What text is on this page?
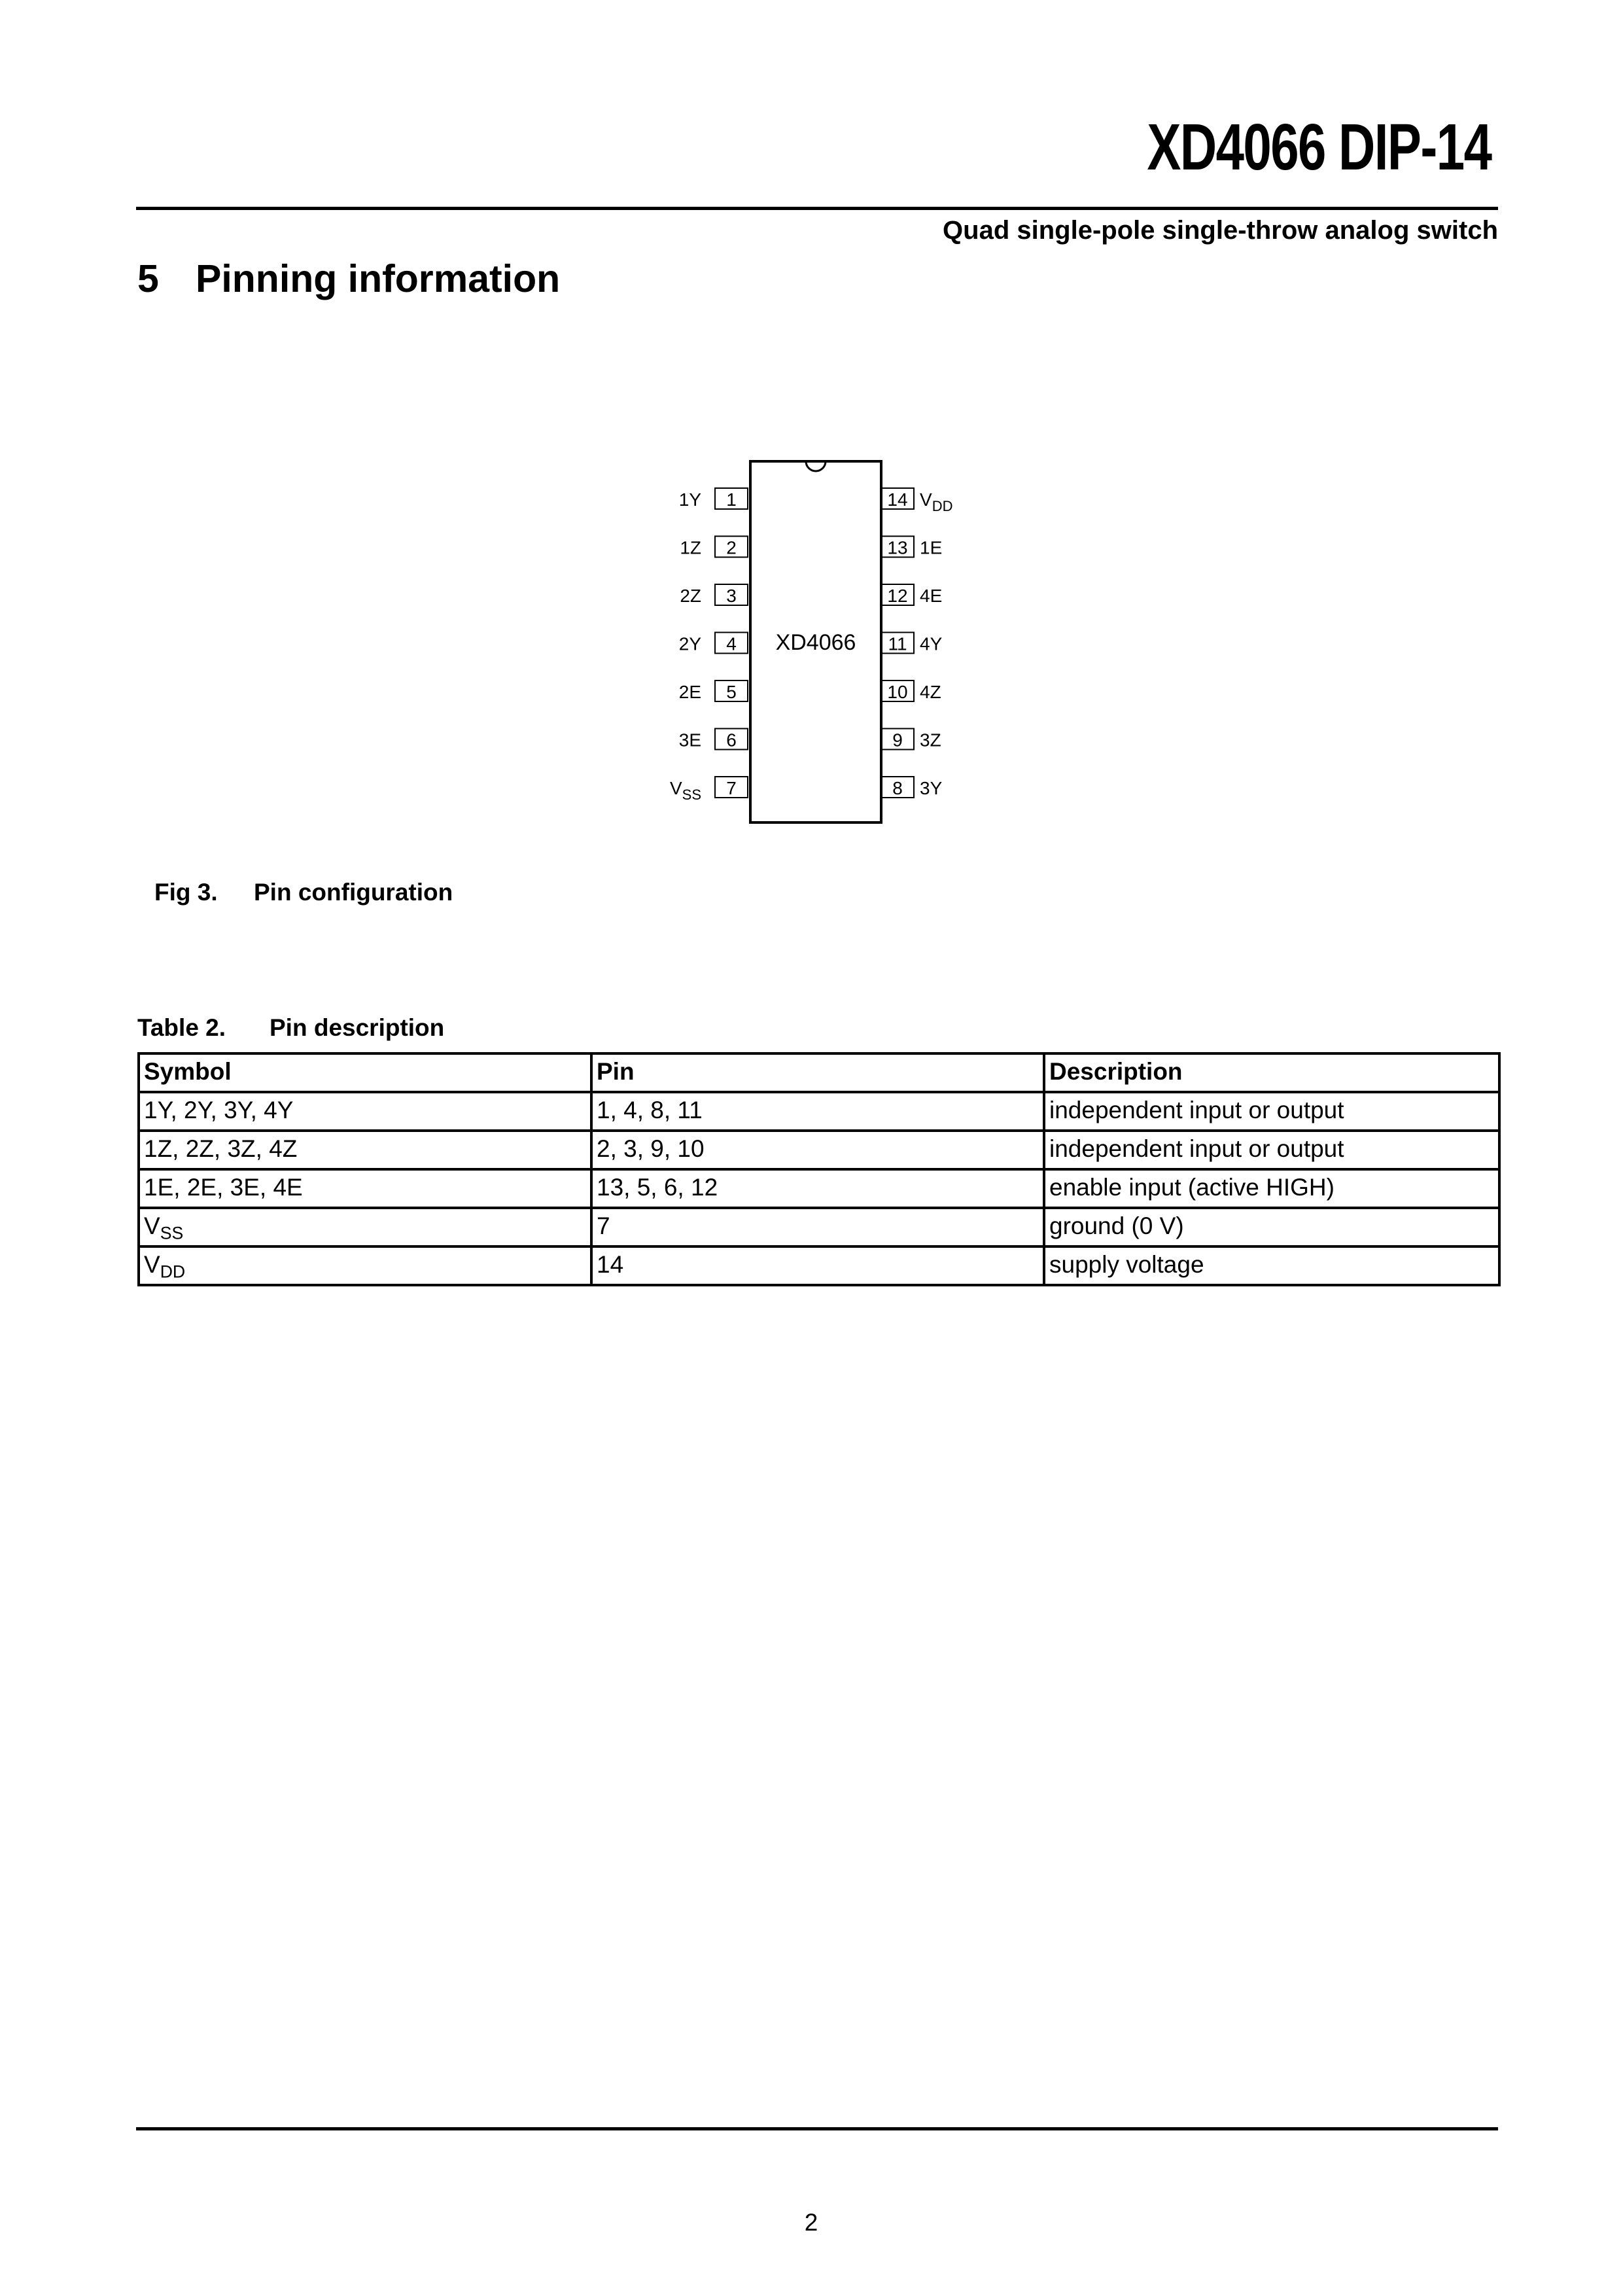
XD4066 DIP-14
Quad single-pole single-throw analog switch
5 Pinning information
XD4066
1
1Y
2
1Z
3
2Z
4
2Y
5
2E
6
3E
7
$V_{SS}$
14 $V_{DD}$
13 1E
12 4E
11 4Y
10 4Z
9 3Z
8 3Y
Fig 3. Pin configuration
Table 2. Pin description
Symbol	Pin	Description
1Y, 2Y, 3Y, 4Y	1, 4, 8, 11	independent input or output
1Z, 2Z, 3Z, 4Z	2, 3, 9, 10	independent input or output
1E, 2E, 3E, 4E	13, 5, 6, 12	enable input (active HIGH)
$V_{SS}$	7	ground (0 V)
$V_{DD}$	14	supply voltage
2
